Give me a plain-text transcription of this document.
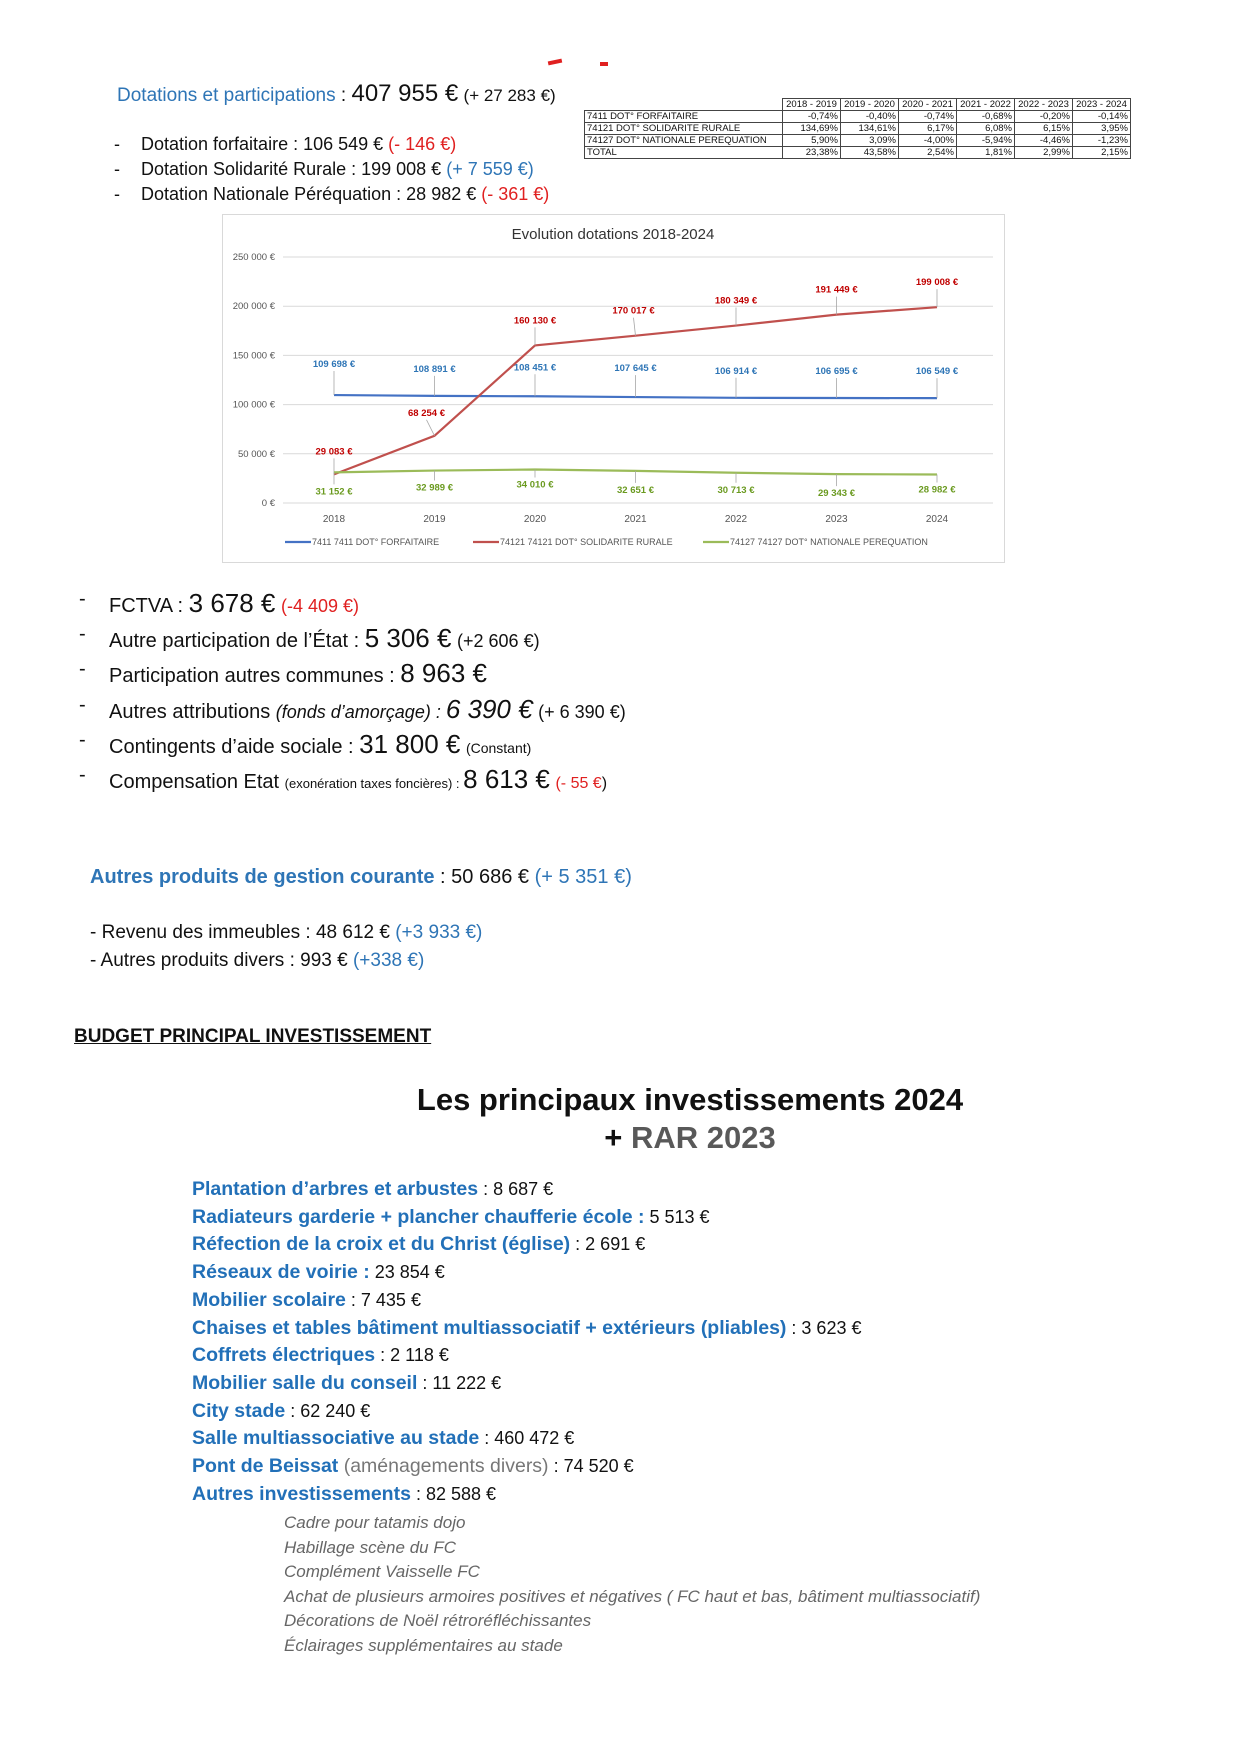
Dotations et participations : 407 955 € (+ 27 283 €)
- Dotation forfaitaire : 106 549 € (- 146 €)
- Dotation Solidarité Rurale : 199 008 € (+ 7 559 €)
- Dotation Nationale Péréquation : 28 982 € (- 361 €)
	2018 - 2019	2019 - 2020	2020 - 2021	2021 - 2022	2022 - 2023	2023 - 2024
7411 DOT° FORFAITAIRE	-0,74%	-0,40%	-0,74%	-0,68%	-0,20%	-0,14%
74121 DOT° SOLIDARITE RURALE	134,69%	134,61%	6,17%	6,08%	6,15%	3,95%
74127 DOT° NATIONALE PEREQUATION	5,90%	3,09%	-4,00%	-5,94%	-4,46%	-1,23%
TOTAL	23,38%	43,58%	2,54%	1,81%	2,99%	2,15%
Evolution dotations 2018-2024
0 €
50 000 €
100 000 €
150 000 €
200 000 €
250 000 €
2018	2019	2020	2021	2022	2023	2024
109 698 €	108 891 €	108 451 €	107 645 €	106 914 €	106 695 €	106 549 €
29 083 €
68 254 €
160 130 €
170 017 €
180 349 €
191 449 €
199 008 €
31 152 €	32 989 €	34 010 €	32 651 €	30 713 €	29 343 €	28 982 €
7411 7411 DOT° FORFAITAIRE	74121 74121 DOT° SOLIDARITE RURALE	74127 74127 DOT° NATIONALE PEREQUATION
- FCTVA : 3 678 € (-4 409 €)
- Autre participation de l’État : 5 306 € (+2 606 €)
- Participation autres communes : 8 963 €
- Autres attributions (fonds d’amorçage) : 6 390 € (+ 6 390 €)
- Contingents d’aide sociale : 31 800 € (Constant)
- Compensation Etat (exonération taxes foncières) : 8 613 € (- 55 €)
Autres produits de gestion courante : 50 686 € (+ 5 351 €)
- Revenu des immeubles : 48 612 € (+3 933 €)
- Autres produits divers : 993 € (+338 €)
BUDGET PRINCIPAL INVESTISSEMENT
Les principaux investissements 2024
+ RAR 2023
Plantation d’arbres et arbustes : 8 687 €
Radiateurs garderie + plancher chaufferie école : 5 513 €
Réfection de la croix et du Christ (église) : 2 691 €
Réseaux de voirie : 23 854 €
Mobilier scolaire : 7 435 €
Chaises et tables bâtiment multiassociatif + extérieurs (pliables) : 3 623 €
Coffrets électriques : 2 118 €
Mobilier salle du conseil : 11 222 €
City stade : 62 240 €
Salle multiassociative au stade : 460 472 €
Pont de Beissat (aménagements divers) : 74 520 €
Autres investissements : 82 588 €
Cadre pour tatamis dojo
Habillage scène du FC
Complément Vaisselle FC
Achat de plusieurs armoires positives et négatives ( FC haut et bas, bâtiment multiassociatif)
Décorations de Noël rétroréfléchissantes
Éclairages supplémentaires au stade
